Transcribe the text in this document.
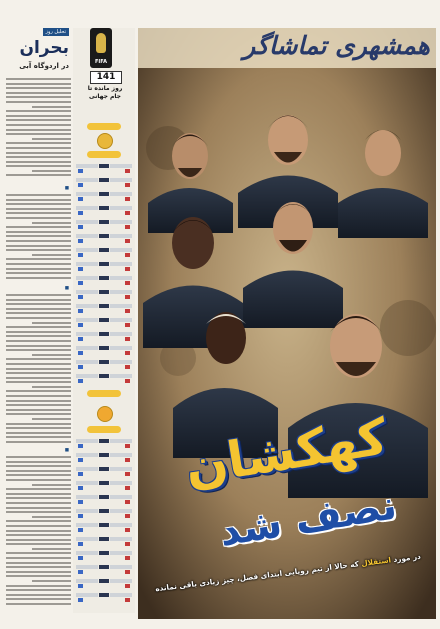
تحلیل روز
بحران
در اردوگاه آبی
■
■
■
FIFA
141
روز مانده تا
جام جهانی
همشهری تماشاگر
کهکشان
نصف شد
در مورد استقلال که حالا از تیم رویایی ابتدای فصل، چیز زیادی باقی نمانده
